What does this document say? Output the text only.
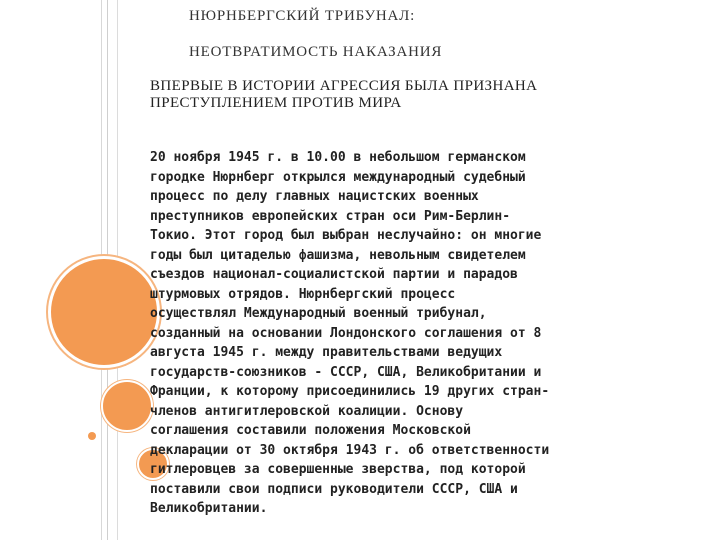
НЮРНБЕРГСКИЙ ТРИБУНАЛ:
НЕОТВРАТИМОСТЬ НАКАЗАНИЯ
ВПЕРВЫЕ В ИСТОРИИ АГРЕССИЯ БЫЛА ПРИЗНАНА
ПРЕСТУПЛЕНИЕМ ПРОТИВ МИРА
20 ноября 1945 г. в 10.00 в небольшом германском
городке Нюрнберг открылся международный судебный
процесс по делу главных нацистских военных
преступников европейских стран оси Рим-Берлин-
Токио. Этот город был выбран неслучайно: он многие
годы был цитаделью фашизма, невольным свидетелем
съездов национал-социалистской партии и парадов
штурмовых отрядов. Нюрнбергский процесс
осуществлял Международный военный трибунал,
созданный на основании Лондонского соглашения от 8
августа 1945 г. между правительствами ведущих
государств-союзников - СССР, США, Великобритании и
Франции, к которому присоединились 19 других стран-
членов антигитлеровской коалиции. Основу
соглашения составили положения Московской
декларации от 30 октября 1943 г. об ответственности
гитлеровцев за совершенные зверства, под которой
поставили свои подписи руководители СССР, США и
Великобритании.
